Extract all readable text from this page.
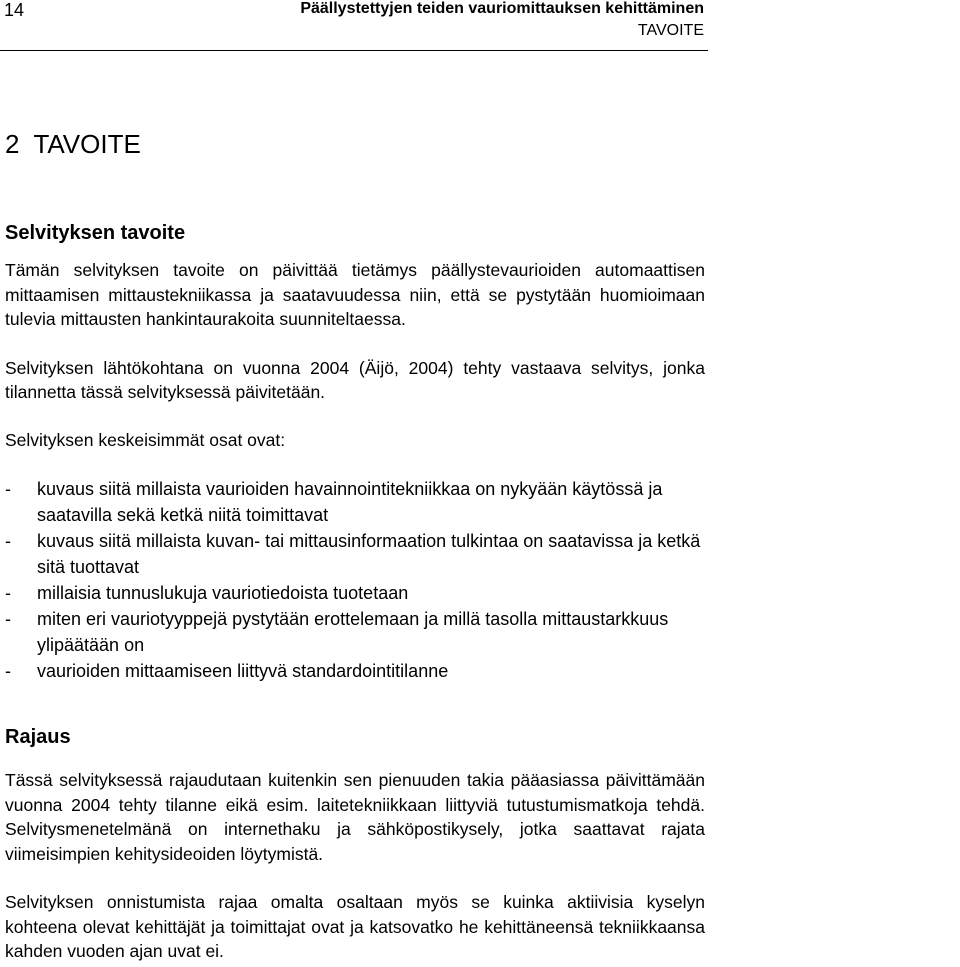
14	Päällystettyjen teiden vauriomittauksen kehittäminen
TAVOITE
2  TAVOITE
Selvityksen tavoite

Tämän selvityksen tavoite on päivittää tietämys päällystevaurioiden automaattisen mittaamisen mittaustekniikassa ja saatavuudessa niin, että se pystytään huomioimaan tulevia mittausten hankintaurakoita suunniteltaessa.

Selvityksen lähtökohtana on vuonna 2004 (Äijö, 2004) tehty vastaava selvitys, jonka tilannetta tässä selvityksessä päivitetään.

Selvityksen keskeisimmät osat ovat:

- kuvaus siitä millaista vaurioiden havainnointitekniikkaa on nykyään käytössä ja saatavilla sekä ketkä niitä toimittavat
- kuvaus siitä millaista kuvan- tai mittausinformaation tulkintaa on saatavissa ja ketkä sitä tuottavat
- millaisia tunnuslukuja vauriotiedoista tuotetaan
- miten eri vauriotyyppejä pystytään erottelemaan ja millä tasolla mittaustarkkuus ylipäätään on
- vaurioiden mittaamiseen liittyvä standardointitilanne
Rajaus

Tässä selvityksessä rajaudutaan kuitenkin sen pienuuden takia pääasiassa päivittämään vuonna 2004 tehty tilanne eikä esim. laitetekniikkaan liittyviä tutustumismatkoja tehdä. Selvitysmenetelmänä on internethaku ja sähköpostikysely, jotka saattavat rajata viimeisimpien kehitysideoiden löytymistä.

Selvityksen onnistumista rajaa omalta osaltaan myös se kuinka aktiivisia kyselyn kohteena olevat kehittäjät ja toimittajat ovat ja katsovatko he kehittäneensä tekniikkaansa kahden vuoden ajan uvat ei.
